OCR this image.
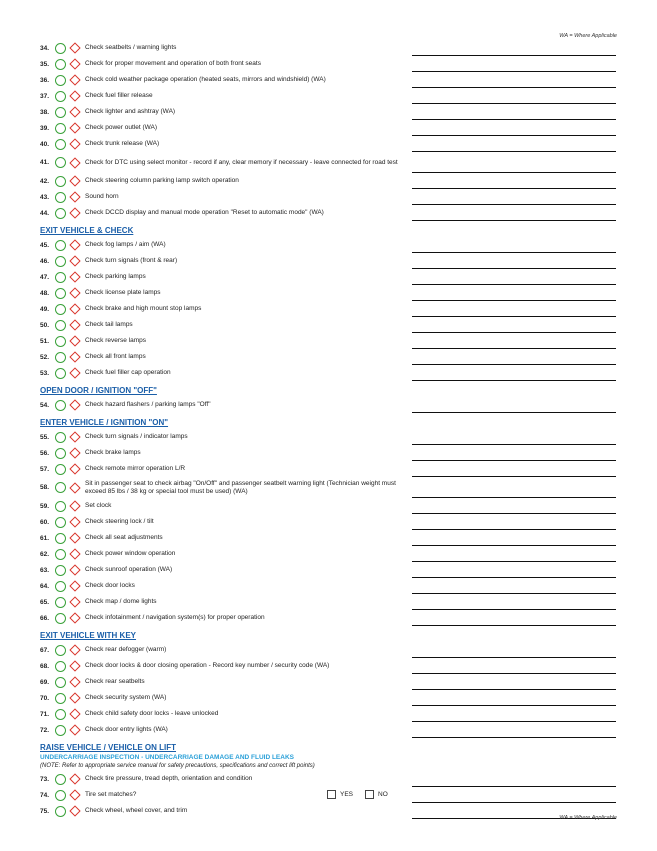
WA = Where Applicable
34.	Check seatbelts / warning lights
35.	Check for proper movement and operation of both front seats
36.	Check cold weather package operation (heated seats, mirrors and windshield) (WA)
37.	Check fuel filler release
38.	Check lighter and ashtray (WA)
39.	Check power outlet (WA)
40.	Check trunk release (WA)
41.	Check for DTC using select monitor - record if any, clear memory if necessary - leave connected for road test
42.	Check steering column parking lamp switch operation
43.	Sound horn
44.	Check DCCD display and manual mode operation "Reset to automatic mode" (WA)
EXIT VEHICLE & CHECK
45.	Check fog lamps / aim (WA)
46.	Check turn signals (front & rear)
47.	Check parking lamps
48.	Check license plate lamps
49.	Check brake and high mount stop lamps
50.	Check tail lamps
51.	Check reverse lamps
52.	Check all front lamps
53.	Check fuel filler cap operation
OPEN DOOR / IGNITION "OFF"
54.	Check hazard flashers / parking lamps "Off"
ENTER VEHICLE / IGNITION "ON"
55.	Check turn signals / indicator lamps
56.	Check brake lamps
57.	Check remote mirror operation L/R
58.
Sit in passenger seat to check airbag "On/Off" and passenger seatbelt warning light (Technician weight must exceed 85 lbs / 38 kg or special tool must be used) (WA)
59.	Set clock
60.	Check steering lock / tilt
61.	Check all seat adjustments
62.	Check power window operation
63.	Check sunroof operation (WA)
64.	Check door locks
65.	Check map / dome lights
66.	Check infotainment / navigation system(s) for proper operation
EXIT VEHICLE WITH KEY
67.	Check rear defogger (warm)
68.	Check door locks & door closing operation - Record key number / security code (WA)
69.	Check rear seatbelts
70.	Check security system (WA)
71.	Check child safety door locks - leave unlocked
72.	Check door entry lights (WA)
RAISE VEHICLE / VEHICLE ON LIFT
UNDERCARRIAGE INSPECTION - UNDERCARRIAGE DAMAGE AND FLUID LEAKS
(NOTE: Refer to appropriate service manual for safety precautions, specifications and correct lift points)
73.	Check tire pressure, tread depth, orientation and condition
74.	Tire set matches?	YES	NO
75.	Check wheel, wheel cover, and trim
WA = Where Applicable
